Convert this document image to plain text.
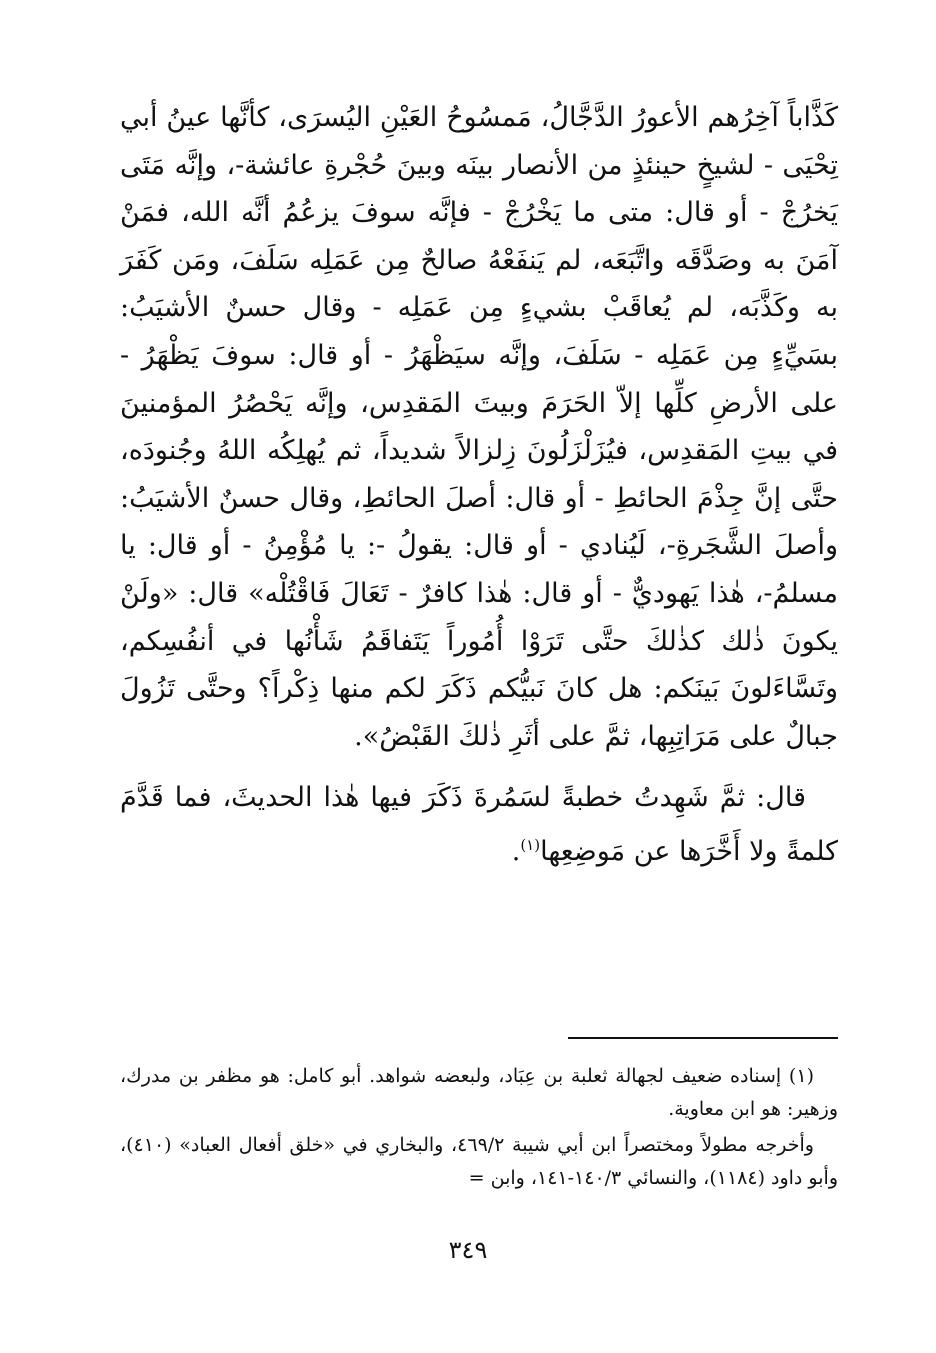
كَذَّاباً آخِرُهم الأعورُ الدَّجَّالُ، مَمسُوحُ العَيْنِ اليُسرَى، كأنَّها عينُ أبي تِحْيَى - لشيخٍ حينئذٍ من الأنصار بينَه وبينَ حُجْرةِ عائشة-، وإنَّه مَتَى يَخرُجْ - أو قال: متى ما يَخْرُجْ - فإنَّه سوفَ يزعُمُ أنَّه الله، فمَنْ آمَنَ به وصَدَّقَه واتَّبَعَه، لم يَنفَعْهُ صالحٌ مِن عَمَلِه سَلَفَ، ومَن كَفَرَ به وكَذَّبَه، لم يُعاقَبْ بشيءٍ مِن عَمَلِه - وقال حسنٌ الأشيَبُ: بسَيِّءٍ مِن عَمَلِه - سَلَفَ، وإنَّه سيَظْهَرُ - أو قال: سوفَ يَظْهَرُ - على الأرضِ كلِّها إلاّ الحَرَمَ وبيتَ المَقدِس، وإنَّه يَحْصُرُ المؤمنينَ في بيتِ المَقدِس، فيُزَلْزَلُونَ زِلزالاً شديداً، ثم يُهلِكُه اللهُ وجُنودَه، حتَّى إنَّ جِذْمَ الحائطِ - أو قال: أصلَ الحائطِ، وقال حسنٌ الأشيَبُ: وأصلَ الشَّجَرةِ-، لَيُنادي - أو قال: يقولُ -: يا مُؤْمِنُ - أو قال: يا مسلمُ-، هٰذا يَهوديٌّ - أو قال: هٰذا كافرٌ - تَعَالَ فَاقْتُلْه» قال: «ولَنْ يكونَ ذٰلك كذٰلكَ حتَّى تَرَوْا أُمُوراً يَتَفاقَمُ شَأْنُها في أنفُسِكم، وتَسَّاءَلونَ بَينَكم: هل كانَ نَبيُّكم ذَكَرَ لكم منها ذِكْراً؟ وحتَّى تَزُولَ جبالٌ على مَرَاتِبِها، ثمَّ على أثَرِ ذٰلكَ القَبْضُ».

قال: ثمَّ شَهِدتُ خطبةً لسَمُرةَ ذَكَرَ فيها هٰذا الحديثَ، فما قَدَّمَ كلمةً ولا أَخَّرَها عن مَوضِعِها$^{(١)}$.

(١) إسناده ضعيف لجهالة ثعلبة بن عِبَاد، ولبعضه شواهد. أبو كامل: هو مظفر بن مدرك، وزهير: هو ابن معاوية.

وأخرجه مطولاً ومختصراً ابن أبي شيبة ٤٦٩/٢، والبخاري في «خلق أفعال العباد» (٤١٠)، وأبو داود (١١٨٤)، والنسائي ١٤٠/٣-١٤١، وابن =

٣٤٩
